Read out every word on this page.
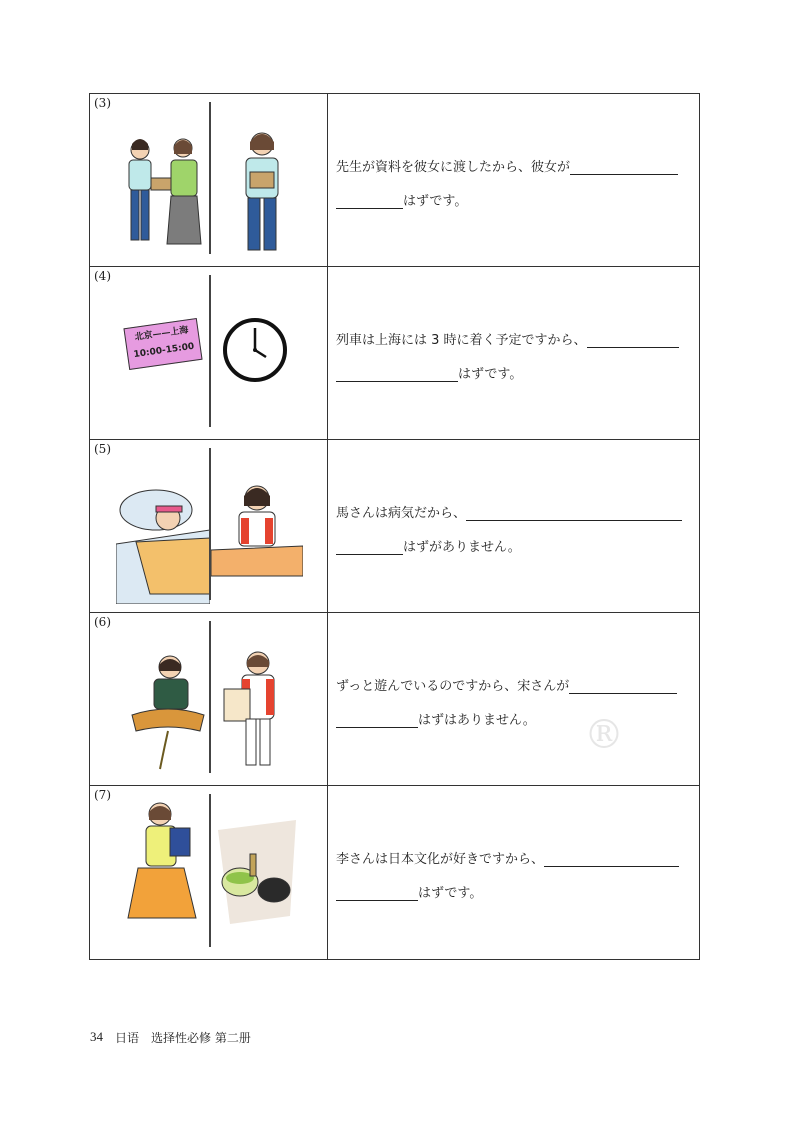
(3)
先生が資料を彼女に渡したから、彼女が
はずです。
(4)
北京——上海
10:00-15:00
列車は上海には 3 時に着く予定ですから、
はずです。
(5)
馬さんは病気だから、
はずがありません。
(6)
ずっと遊んでいるのですから、宋さんが
はずはありません。
(7)
李さんは日本文化が好きですから、
はずです。
®
34 日语　选择性必修 第二册
